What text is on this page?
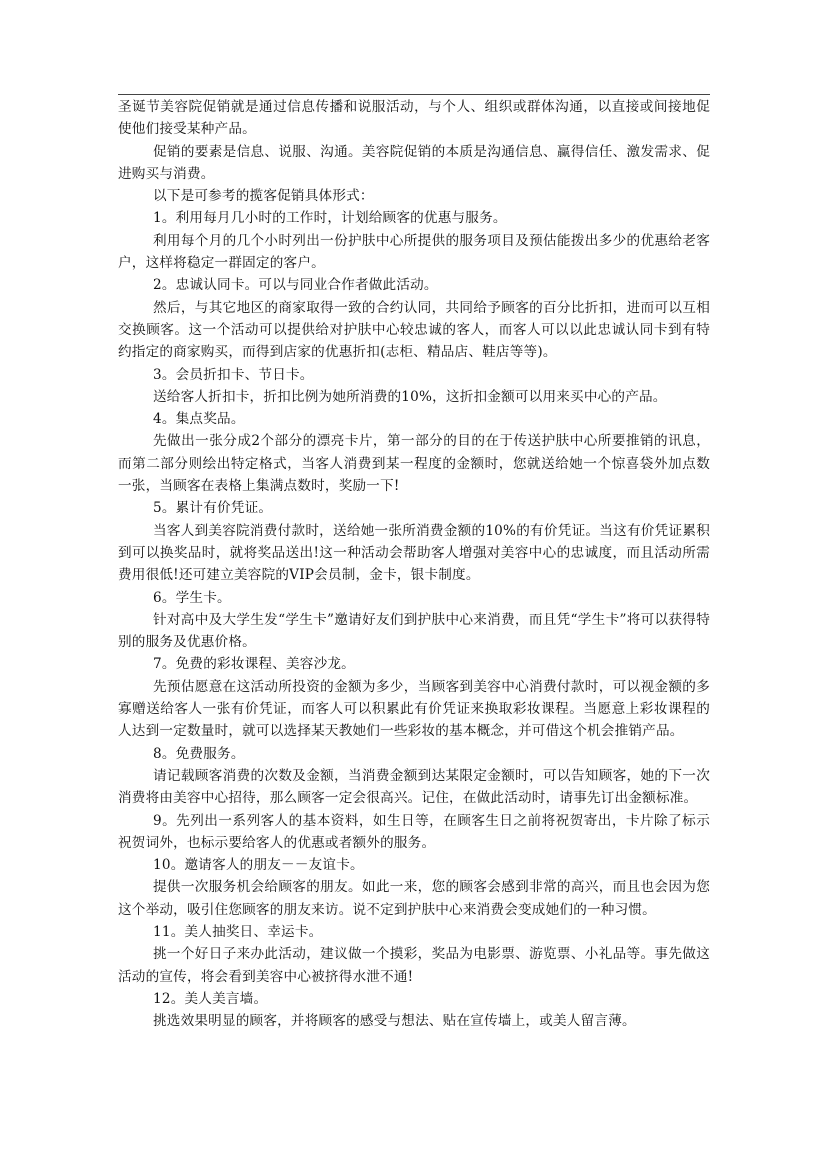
圣诞节美容院促销就是通过信息传播和说服活动，与个人、组织或群体沟通，以直接或间接地促使他们接受某种产品。

促销的要素是信息、说服、沟通。美容院促销的本质是沟通信息、赢得信任、激发需求、促进购买与消费。

以下是可参考的揽客促销具体形式：

1。利用每月几小时的工作时，计划给顾客的优惠与服务。

利用每个月的几个小时列出一份护肤中心所提供的服务项目及预估能拨出多少的优惠给老客户，这样将稳定一群固定的客户。

2。忠诚认同卡。可以与同业合作者做此活动。

然后，与其它地区的商家取得一致的合约认同，共同给予顾客的百分比折扣，进而可以互相交换顾客。这一个活动可以提供给对护肤中心较忠诚的客人，而客人可以以此忠诚认同卡到有特约指定的商家购买，而得到店家的优惠折扣(志柜、精品店、鞋店等等)。

3。会员折扣卡、节日卡。

送给客人折扣卡，折扣比例为她所消费的10%，这折扣金额可以用来买中心的产品。

4。集点奖品。

先做出一张分成2个部分的漂亮卡片，第一部分的目的在于传送护肤中心所要推销的讯息，而第二部分则绘出特定格式，当客人消费到某一程度的金额时，您就送给她一个惊喜袋外加点数一张，当顾客在表格上集满点数时，奖励一下!

5。累计有价凭证。

当客人到美容院消费付款时，送给她一张所消费金额的10%的有价凭证。当这有价凭证累积到可以换奖品时，就将奖品送出!这一种活动会帮助客人增强对美容中心的忠诚度，而且活动所需费用很低!还可建立美容院的VIP会员制，金卡，银卡制度。

6。学生卡。

针对高中及大学生发“学生卡”邀请好友们到护肤中心来消费，而且凭“学生卡”将可以获得特别的服务及优惠价格。

7。免费的彩妆课程、美容沙龙。

先预估愿意在这活动所投资的金额为多少，当顾客到美容中心消费付款时，可以视金额的多寡赠送给客人一张有价凭证，而客人可以积累此有价凭证来换取彩妆课程。当愿意上彩妆课程的人达到一定数量时，就可以选择某天教她们一些彩妆的基本概念，并可借这个机会推销产品。

8。免费服务。

请记载顾客消费的次数及金额，当消费金额到达某限定金额时，可以告知顾客，她的下一次消费将由美容中心招待，那么顾客一定会很高兴。记住，在做此活动时，请事先订出金额标准。

9。先列出一系列客人的基本资料，如生日等，在顾客生日之前将祝贺寄出，卡片除了标示祝贺词外，也标示要给客人的优惠或者额外的服务。

10。邀请客人的朋友－－友谊卡。

提供一次服务机会给顾客的朋友。如此一来，您的顾客会感到非常的高兴，而且也会因为您这个举动，吸引住您顾客的朋友来访。说不定到护肤中心来消费会变成她们的一种习惯。

11。美人抽奖日、幸运卡。

挑一个好日子来办此活动，建议做一个摸彩，奖品为电影票、游览票、小礼品等。事先做这活动的宣传，将会看到美容中心被挤得水泄不通!

12。美人美言墙。

挑选效果明显的顾客，并将顾客的感受与想法、贴在宣传墙上，或美人留言薄。
